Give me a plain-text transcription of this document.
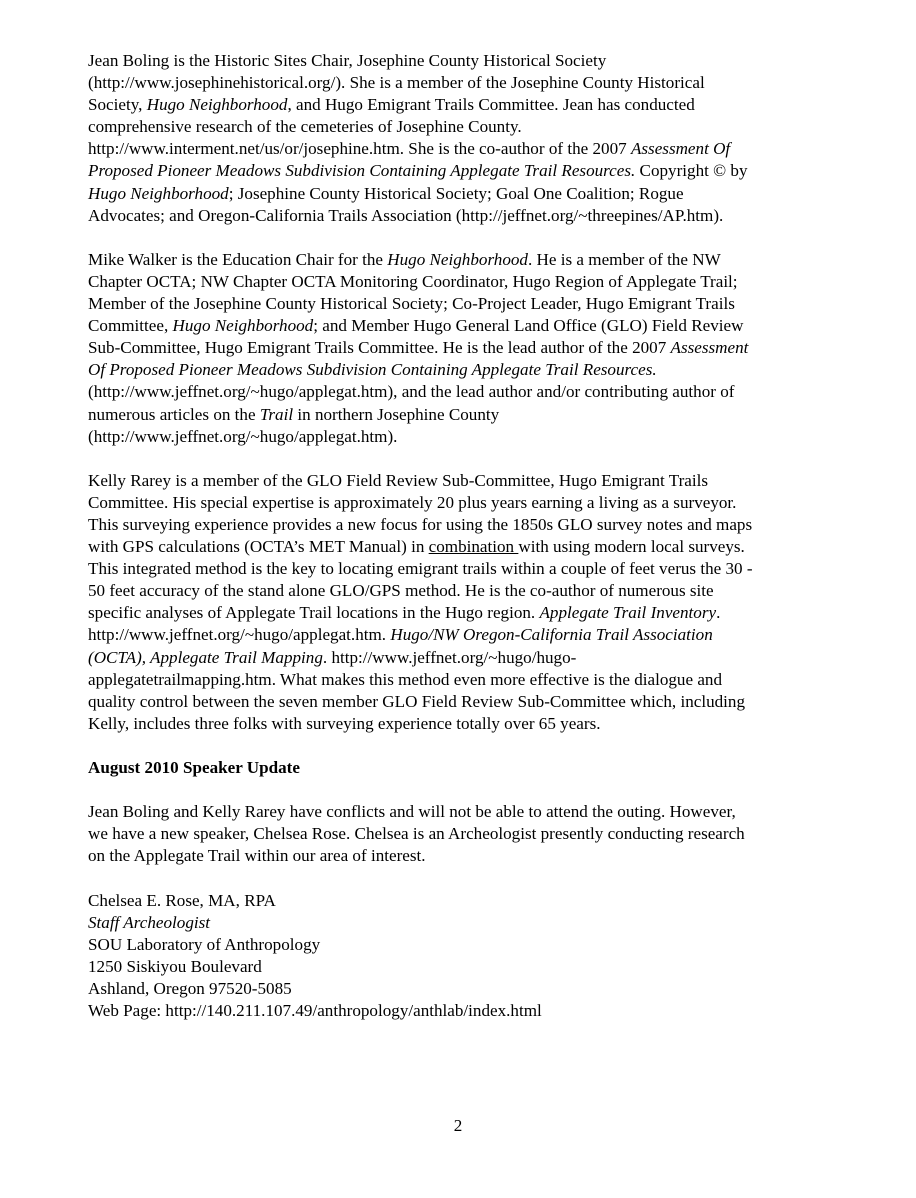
Jean Boling is the Historic Sites Chair, Josephine County Historical Society
(http://www.josephinehistorical.org/). She is a member of the Josephine County Historical
Society, Hugo Neighborhood, and Hugo Emigrant Trails Committee. Jean has conducted
comprehensive research of the cemeteries of Josephine County.
http://www.interment.net/us/or/josephine.htm. She is the co-author of the 2007 Assessment Of
Proposed Pioneer Meadows Subdivision Containing Applegate Trail Resources. Copyright © by
Hugo Neighborhood; Josephine County Historical Society; Goal One Coalition; Rogue
Advocates; and Oregon-California Trails Association (http://jeffnet.org/~threepines/AP.htm).

Mike Walker is the Education Chair for the Hugo Neighborhood. He is a member of the NW
Chapter OCTA; NW Chapter OCTA Monitoring Coordinator, Hugo Region of Applegate Trail;
Member of the Josephine County Historical Society; Co-Project Leader, Hugo Emigrant Trails
Committee, Hugo Neighborhood; and Member Hugo General Land Office (GLO) Field Review
Sub-Committee, Hugo Emigrant Trails Committee. He is the lead author of the 2007 Assessment
Of Proposed Pioneer Meadows Subdivision Containing Applegate Trail Resources.
(http://www.jeffnet.org/~hugo/applegat.htm), and the lead author and/or contributing author of
numerous articles on the Trail in northern Josephine County
(http://www.jeffnet.org/~hugo/applegat.htm).

Kelly Rarey is a member of the GLO Field Review Sub-Committee, Hugo Emigrant Trails
Committee. His special expertise is approximately 20 plus years earning a living as a surveyor.
This surveying experience provides a new focus for using the 1850s GLO survey notes and maps
with GPS calculations (OCTA’s MET Manual) in combination with using modern local surveys.
This integrated method is the key to locating emigrant trails within a couple of feet verus the 30 -
50 feet accuracy of the stand alone GLO/GPS method. He is the co-author of numerous site
specific analyses of Applegate Trail locations in the Hugo region. Applegate Trail Inventory.
http://www.jeffnet.org/~hugo/applegat.htm. Hugo/NW Oregon-California Trail Association
(OCTA), Applegate Trail Mapping. http://www.jeffnet.org/~hugo/hugo-
applegatetrailmapping.htm. What makes this method even more effective is the dialogue and
quality control between the seven member GLO Field Review Sub-Committee which, including
Kelly, includes three folks with surveying experience totally over 65 years.

August 2010 Speaker Update

Jean Boling and Kelly Rarey have conflicts and will not be able to attend the outing. However,
we have a new speaker, Chelsea Rose. Chelsea is an Archeologist presently conducting research
on the Applegate Trail within our area of interest.

Chelsea E. Rose, MA, RPA
Staff Archeologist
SOU Laboratory of Anthropology
1250 Siskiyou Boulevard
Ashland, Oregon 97520-5085
Web Page: http://140.211.107.49/anthropology/anthlab/index.html

2
